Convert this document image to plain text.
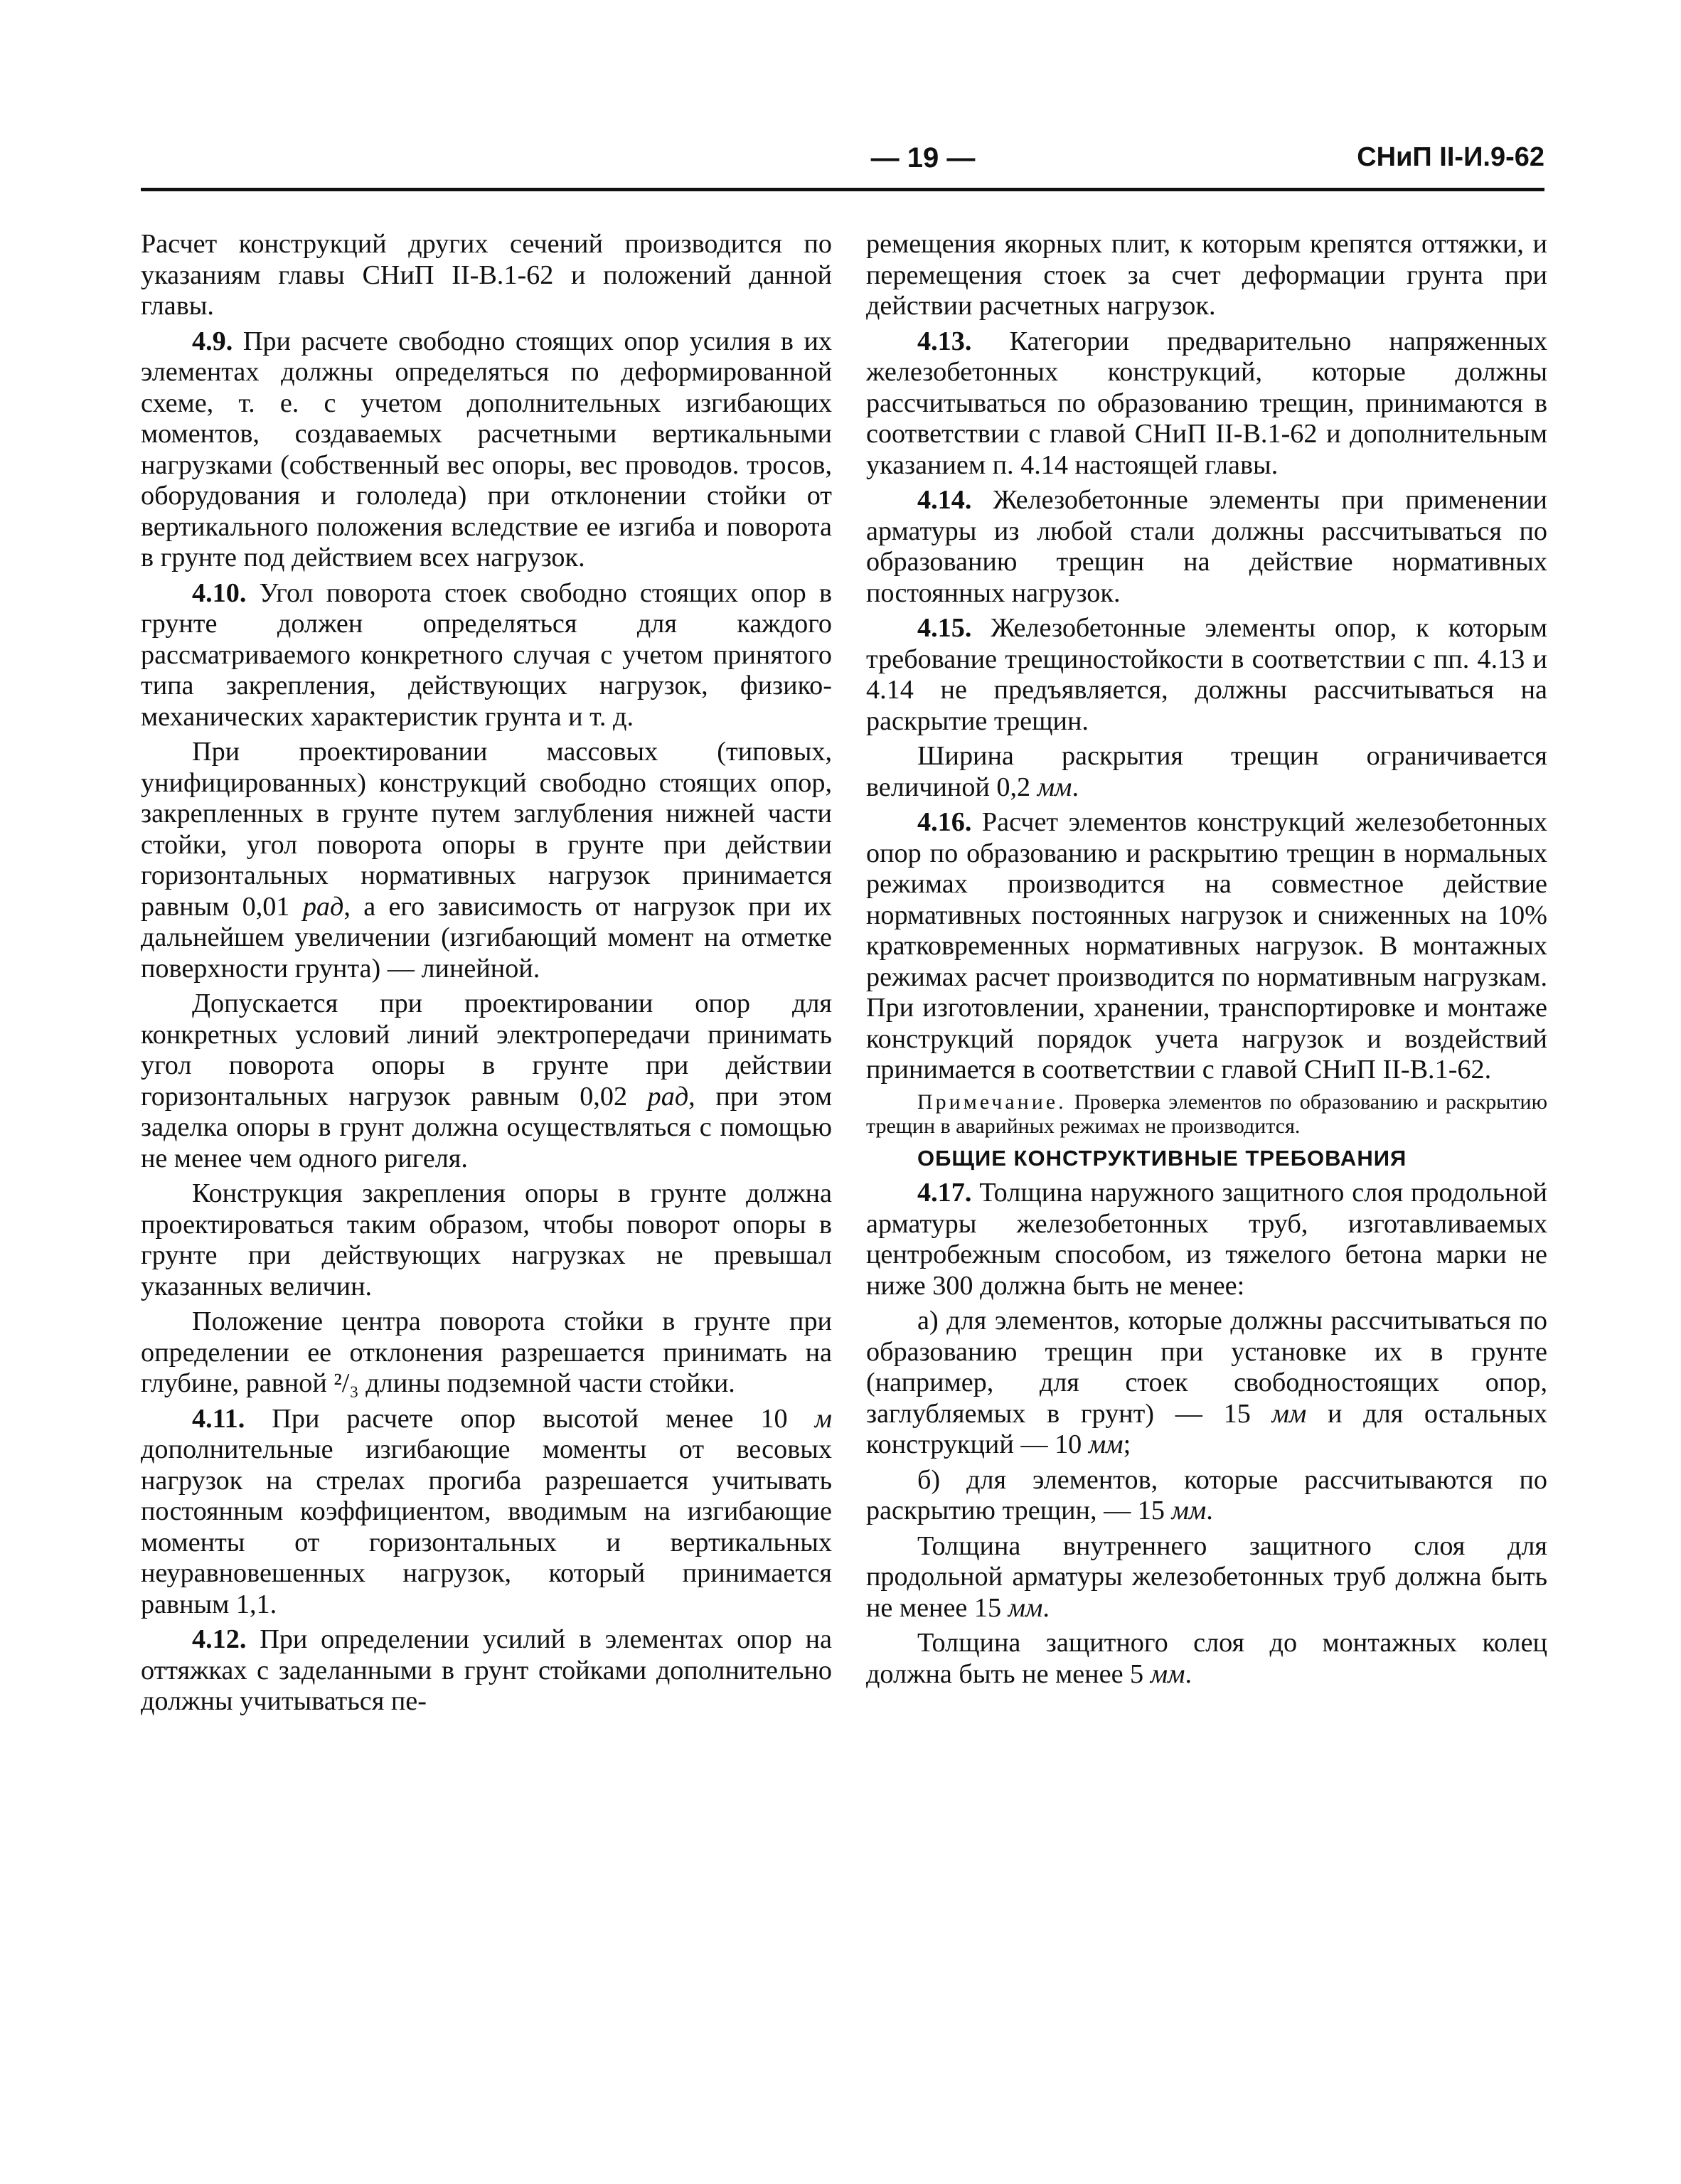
— 19 —	СНиП II-И.9-62

Расчет конструкций других сечений производится по указаниям главы СНиП II-В.1-62 и положений данной главы.

4.9. При расчете свободно стоящих опор усилия в их элементах должны определяться по деформированной схеме, т. е. с учетом дополнительных изгибающих моментов, создаваемых расчетными вертикальными нагрузками (собственный вес опоры, вес проводов. тросов, оборудования и гололеда) при отклонении стойки от вертикального положения вследствие ее изгиба и поворота в грунте под действием всех нагрузок.

4.10. Угол поворота стоек свободно стоящих опор в грунте должен определяться для каждого рассматриваемого конкретного случая с учетом принятого типа закрепления, действующих нагрузок, физико-механических характеристик грунта и т. д.

При проектировании массовых (типовых, унифицированных) конструкций свободно стоящих опор, закрепленных в грунте путем заглубления нижней части стойки, угол поворота опоры в грунте при действии горизонтальных нормативных нагрузок принимается равным 0,01 рад, а его зависимость от нагрузок при их дальнейшем увеличении (изгибающий момент на отметке поверхности грунта) — линейной.

Допускается при проектировании опор для конкретных условий линий электропередачи принимать угол поворота опоры в грунте при действии горизонтальных нагрузок равным 0,02 рад, при этом заделка опоры в грунт должна осуществляться с помощью не менее чем одного ригеля.

Конструкция закрепления опоры в грунте должна проектироваться таким образом, чтобы поворот опоры в грунте при действующих нагрузках не превышал указанных величин.

Положение центра поворота стойки в грунте при определении ее отклонения разрешается принимать на глубине, равной ²/₃ длины подземной части стойки.

4.11. При расчете опор высотой менее 10 м дополнительные изгибающие моменты от весовых нагрузок на стрелах прогиба разрешается учитывать постоянным коэффициентом, вводимым на изгибающие моменты от горизонтальных и вертикальных неуравновешенных нагрузок, который принимается равным 1,1.

4.12. При определении усилий в элементах опор на оттяжках с заделанными в грунт стойками дополнительно должны учитываться пе-

ремещения якорных плит, к которым крепятся оттяжки, и перемещения стоек за счет деформации грунта при действии расчетных нагрузок.

4.13. Категории предварительно напряженных железобетонных конструкций, которые должны рассчитываться по образованию трещин, принимаются в соответствии с главой СНиП II-В.1-62 и дополнительным указанием п. 4.14 настоящей главы.

4.14. Железобетонные элементы при применении арматуры из любой стали должны рассчитываться по образованию трещин на действие нормативных постоянных нагрузок.

4.15. Железобетонные элементы опор, к которым требование трещиностойкости в соответствии с пп. 4.13 и 4.14 не предъявляется, должны рассчитываться на раскрытие трещин.

Ширина раскрытия трещин ограничивается величиной 0,2 мм.

4.16. Расчет элементов конструкций железобетонных опор по образованию и раскрытию трещин в нормальных режимах производится на совместное действие нормативных постоянных нагрузок и сниженных на 10% кратковременных нормативных нагрузок. В монтажных режимах расчет производится по нормативным нагрузкам. При изготовлении, хранении, транспортировке и монтаже конструкций порядок учета нагрузок и воздействий принимается в соответствии с главой СНиП II-В.1-62.

Примечание. Проверка элементов по образованию и раскрытию трещин в аварийных режимах не производится.

ОБЩИЕ КОНСТРУКТИВНЫЕ ТРЕБОВАНИЯ

4.17. Толщина наружного защитного слоя продольной арматуры железобетонных труб, изготавливаемых центробежным способом, из тяжелого бетона марки не ниже 300 должна быть не менее:

а) для элементов, которые должны рассчитываться по образованию трещин при установке их в грунте (например, для стоек свободностоящих опор, заглубляемых в грунт) — 15 мм и для остальных конструкций — 10 мм;

б) для элементов, которые рассчитываются по раскрытию трещин, — 15 мм.

Толщина внутреннего защитного слоя для продольной арматуры железобетонных труб должна быть не менее 15 мм.

Толщина защитного слоя до монтажных колец должна быть не менее 5 мм.
